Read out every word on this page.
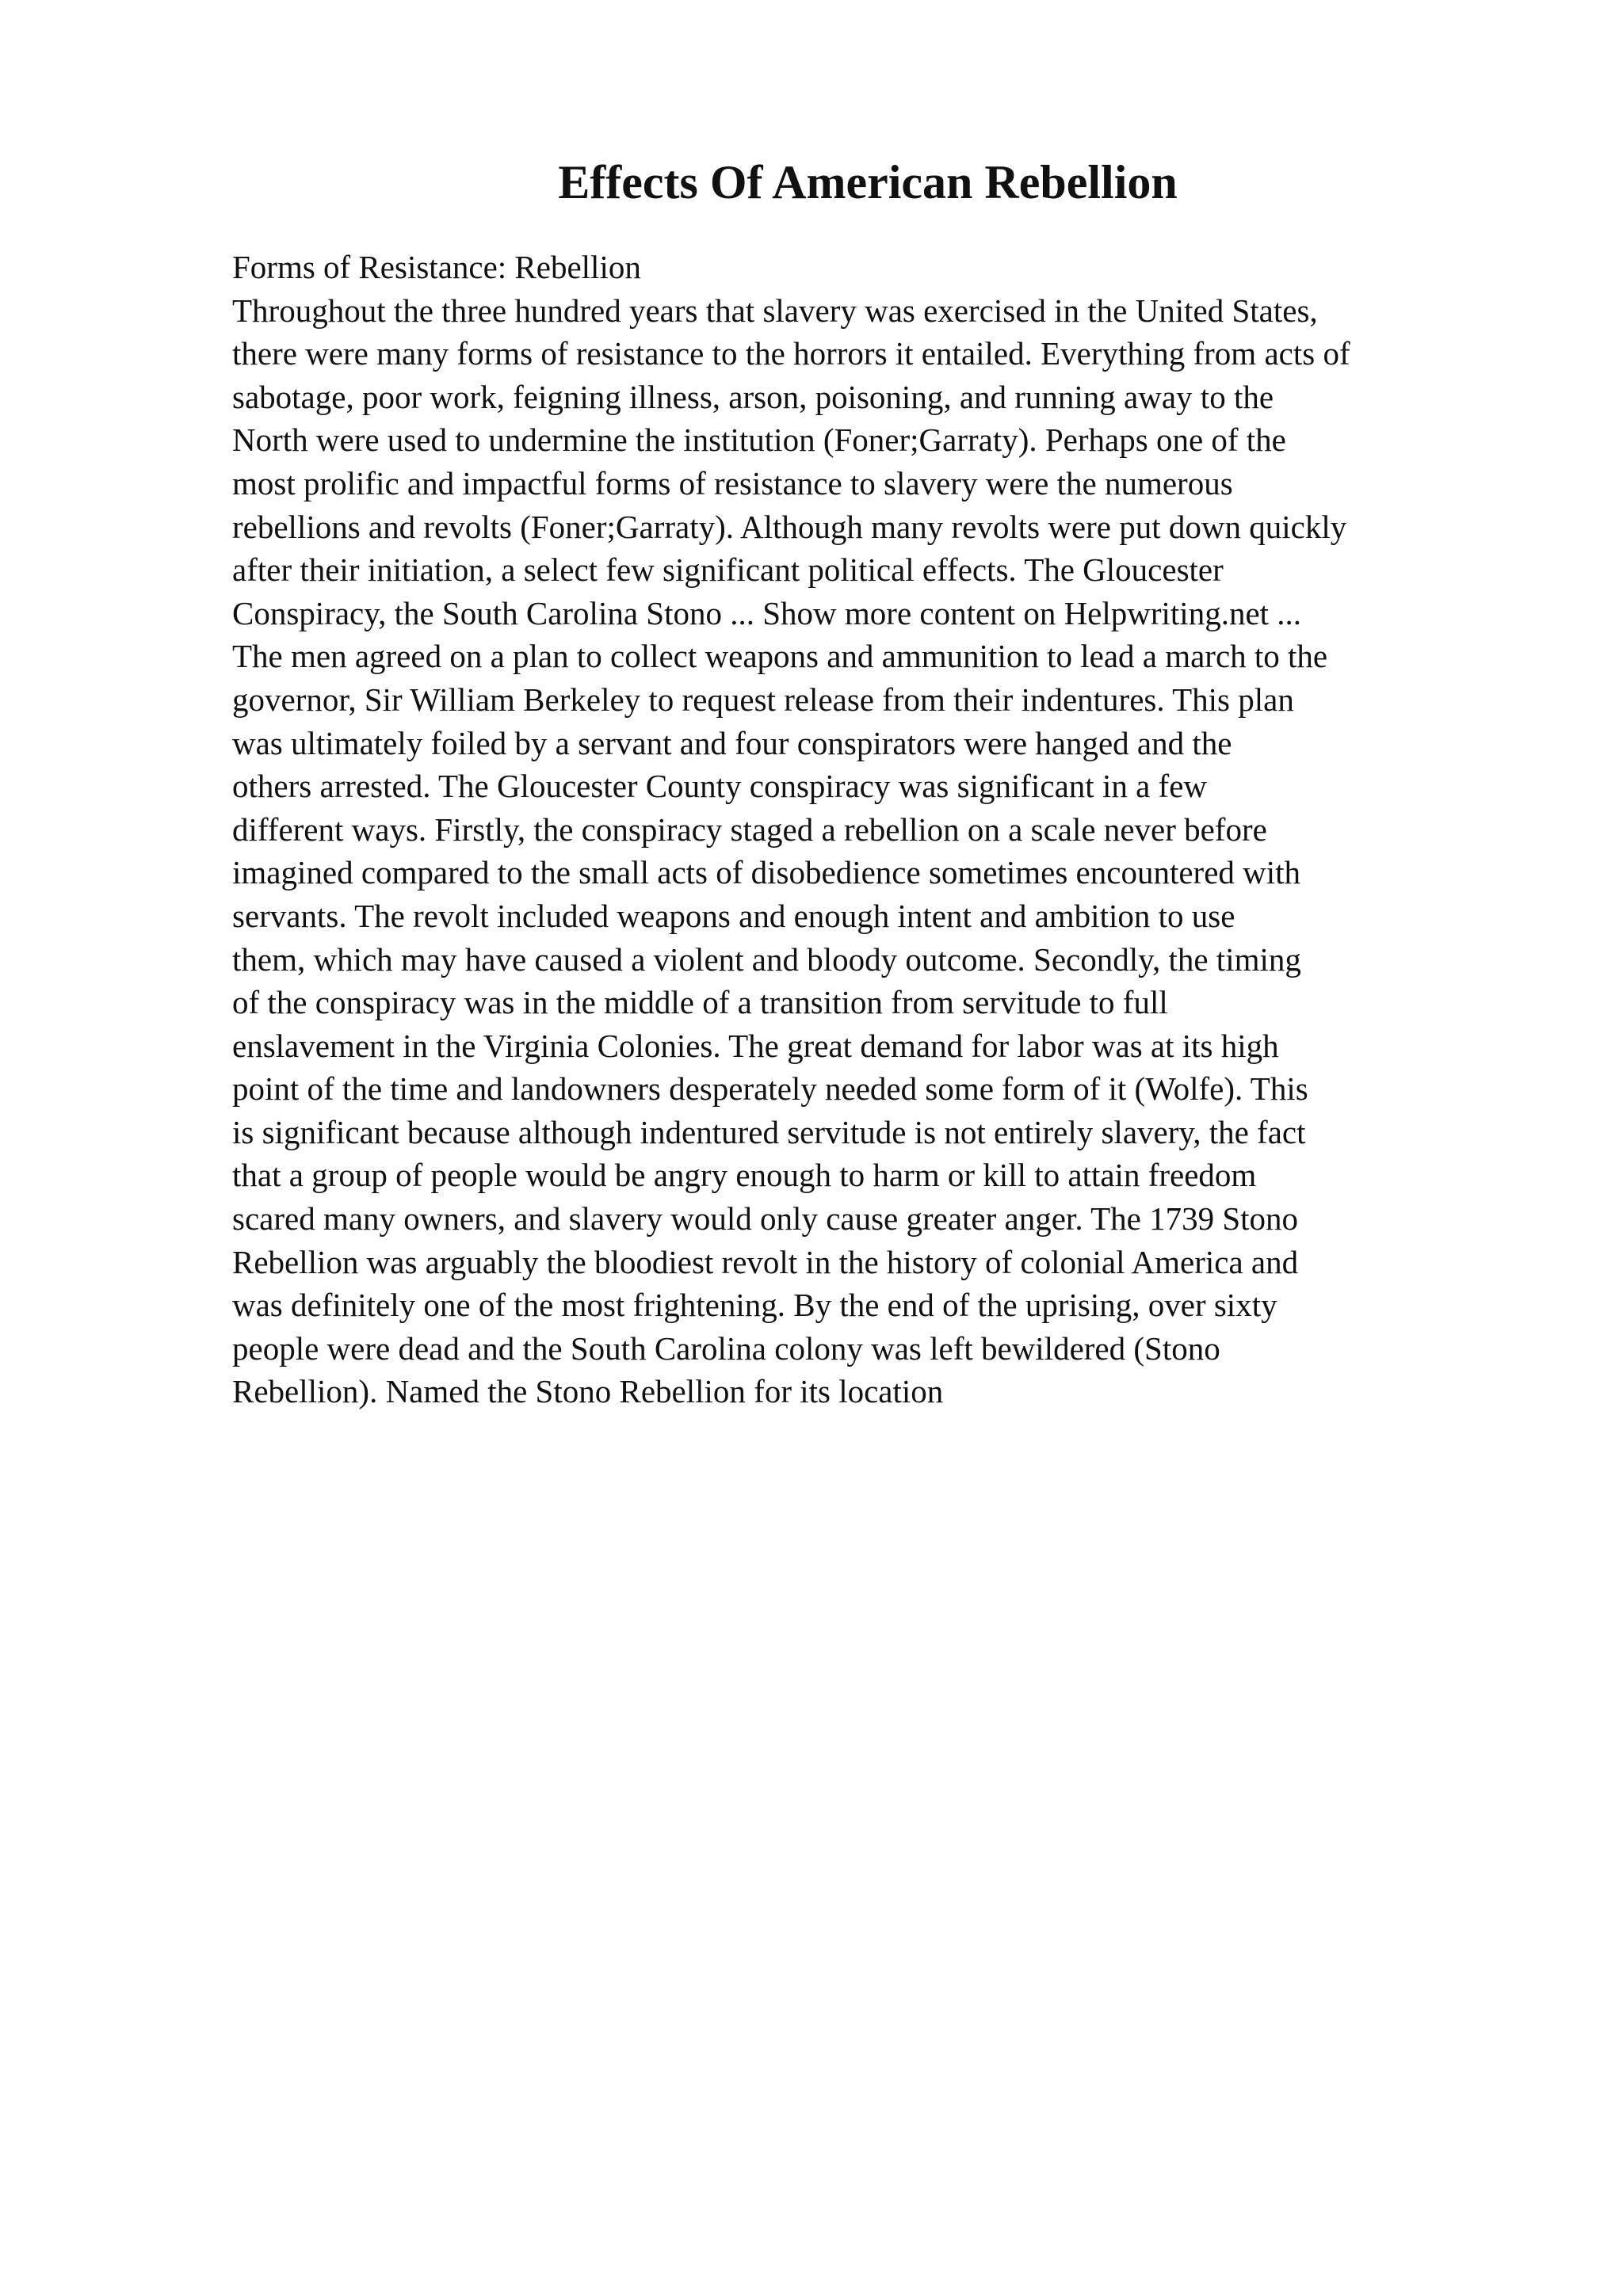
Effects Of American Rebellion
Forms of Resistance: Rebellion
Throughout the three hundred years that slavery was exercised in the United States,
there were many forms of resistance to the horrors it entailed. Everything from acts of
sabotage, poor work, feigning illness, arson, poisoning, and running away to the
North were used to undermine the institution (Foner;Garraty). Perhaps one of the
most prolific and impactful forms of resistance to slavery were the numerous
rebellions and revolts (Foner;Garraty). Although many revolts were put down quickly
after their initiation, a select few significant political effects. The Gloucester
Conspiracy, the South Carolina Stono ... Show more content on Helpwriting.net ...
The men agreed on a plan to collect weapons and ammunition to lead a march to the
governor, Sir William Berkeley to request release from their indentures. This plan
was ultimately foiled by a servant and four conspirators were hanged and the
others arrested. The Gloucester County conspiracy was significant in a few
different ways. Firstly, the conspiracy staged a rebellion on a scale never before
imagined compared to the small acts of disobedience sometimes encountered with
servants. The revolt included weapons and enough intent and ambition to use
them, which may have caused a violent and bloody outcome. Secondly, the timing
of the conspiracy was in the middle of a transition from servitude to full
enslavement in the Virginia Colonies. The great demand for labor was at its high
point of the time and landowners desperately needed some form of it (Wolfe). This
is significant because although indentured servitude is not entirely slavery, the fact
that a group of people would be angry enough to harm or kill to attain freedom
scared many owners, and slavery would only cause greater anger. The 1739 Stono
Rebellion was arguably the bloodiest revolt in the history of colonial America and
was definitely one of the most frightening. By the end of the uprising, over sixty
people were dead and the South Carolina colony was left bewildered (Stono
Rebellion). Named the Stono Rebellion for its location
